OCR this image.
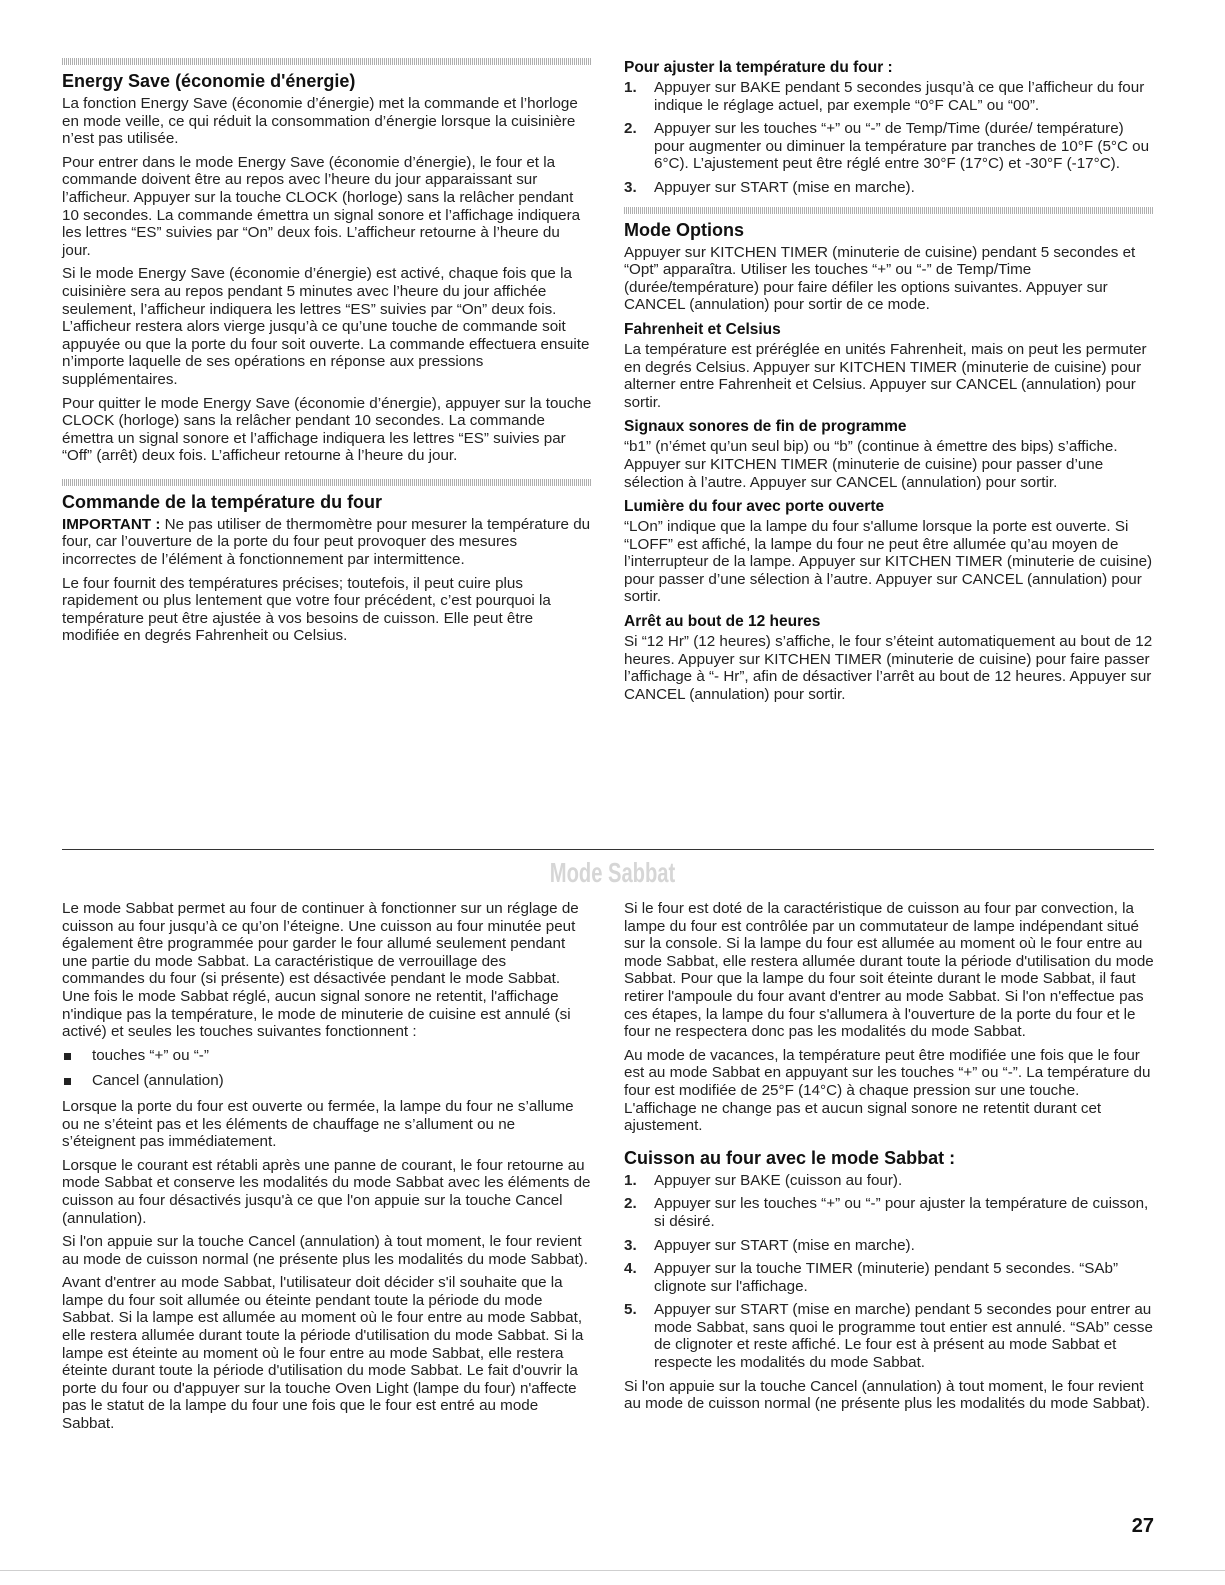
Energy Save (économie d'énergie)

La fonction Energy Save (économie d’énergie) met la commande et l’horloge en mode veille, ce qui réduit la consommation d’énergie lorsque la cuisinière n’est pas utilisée.

Pour entrer dans le mode Energy Save (économie d’énergie), le four et la commande doivent être au repos avec l’heure du jour apparaissant sur l’afficheur. Appuyer sur la touche CLOCK (horloge) sans la relâcher pendant 10 secondes. La commande émettra un signal sonore et l’affichage indiquera les lettres “ES” suivies par “On” deux fois. L’afficheur retourne à l’heure du jour.

Si le mode Energy Save (économie d’énergie) est activé, chaque fois que la cuisinière sera au repos pendant 5 minutes avec l’heure du jour affichée seulement, l’afficheur indiquera les lettres “ES” suivies par “On” deux fois. L’afficheur restera alors vierge jusqu’à ce qu’une touche de commande soit appuyée ou que la porte du four soit ouverte. La commande effectuera ensuite n’importe laquelle de ses opérations en réponse aux pressions supplémentaires.

Pour quitter le mode Energy Save (économie d’énergie), appuyer sur la touche CLOCK (horloge) sans la relâcher pendant 10 secondes. La commande émettra un signal sonore et l’affichage indiquera les lettres “ES” suivies par “Off” (arrêt) deux fois. L’afficheur retourne à l’heure du jour.

Commande de la température du four

IMPORTANT : Ne pas utiliser de thermomètre pour mesurer la température du four, car l’ouverture de la porte du four peut provoquer des mesures incorrectes de l’élément à fonctionnement par intermittence.

Le four fournit des températures précises; toutefois, il peut cuire plus rapidement ou plus lentement que votre four précédent, c’est pourquoi la température peut être ajustée à vos besoins de cuisson. Elle peut être modifiée en degrés Fahrenheit ou Celsius.

Pour ajuster la température du four :
1. Appuyer sur BAKE pendant 5 secondes jusqu’à ce que l’afficheur du four indique le réglage actuel, par exemple “0°F CAL” ou “00”.
2. Appuyer sur les touches “+” ou “-” de Temp/Time (durée/ température) pour augmenter ou diminuer la température par tranches de 10°F (5°C ou 6°C). L’ajustement peut être réglé entre 30°F (17°C) et -30°F (-17°C).
3. Appuyer sur START (mise en marche).
Mode Options

Appuyer sur KITCHEN TIMER (minuterie de cuisine) pendant 5 secondes et “Opt” apparaîtra. Utiliser les touches “+” ou “-” de Temp/Time (durée/température) pour faire défiler les options suivantes. Appuyer sur CANCEL (annulation) pour sortir de ce mode.

Fahrenheit et Celsius

La température est préréglée en unités Fahrenheit, mais on peut les permuter en degrés Celsius. Appuyer sur KITCHEN TIMER (minuterie de cuisine) pour alterner entre Fahrenheit et Celsius. Appuyer sur CANCEL (annulation) pour sortir.

Signaux sonores de fin de programme

“b1” (n’émet qu’un seul bip) ou “b” (continue à émettre des bips) s’affiche. Appuyer sur KITCHEN TIMER (minuterie de cuisine) pour passer d’une sélection à l’autre. Appuyer sur CANCEL (annulation) pour sortir.

Lumière du four avec porte ouverte

“LOn” indique que la lampe du four s'allume lorsque la porte est ouverte. Si “LOFF” est affiché, la lampe du four ne peut être allumée qu’au moyen de l’interrupteur de la lampe. Appuyer sur KITCHEN TIMER (minuterie de cuisine) pour passer d’une sélection à l’autre. Appuyer sur CANCEL (annulation) pour sortir.

Arrêt au bout de 12 heures

Si “12 Hr” (12 heures) s’affiche, le four s’éteint automatiquement au bout de 12 heures. Appuyer sur KITCHEN TIMER (minuterie de cuisine) pour faire passer l’affichage à “- Hr”, afin de désactiver l’arrêt au bout de 12 heures. Appuyer sur CANCEL (annulation) pour sortir.

Mode Sabbat

Le mode Sabbat permet au four de continuer à fonctionner sur un réglage de cuisson au four jusqu’à ce qu’on l’éteigne. Une cuisson au four minutée peut également être programmée pour garder le four allumé seulement pendant une partie du mode Sabbat. La caractéristique de verrouillage des commandes du four (si présente) est désactivée pendant le mode Sabbat. Une fois le mode Sabbat réglé, aucun signal sonore ne retentit, l'affichage n'indique pas la température, le mode de minuterie de cuisine est annulé (si activé) et seules les touches suivantes fonctionnent :

touches “+” ou “-”
Cancel (annulation)

Lorsque la porte du four est ouverte ou fermée, la lampe du four ne s’allume ou ne s’éteint pas et les éléments de chauffage ne s’allument ou ne s’éteignent pas immédiatement.

Lorsque le courant est rétabli après une panne de courant, le four retourne au mode Sabbat et conserve les modalités du mode Sabbat avec les éléments de cuisson au four désactivés jusqu'à ce que l'on appuie sur la touche Cancel (annulation).

Si l'on appuie sur la touche Cancel (annulation) à tout moment, le four revient au mode de cuisson normal (ne présente plus les modalités du mode Sabbat).

Avant d'entrer au mode Sabbat, l'utilisateur doit décider s'il souhaite que la lampe du four soit allumée ou éteinte pendant toute la période du mode Sabbat. Si la lampe est allumée au moment où le four entre au mode Sabbat, elle restera allumée durant toute la période d'utilisation du mode Sabbat. Si la lampe est éteinte au moment où le four entre au mode Sabbat, elle restera éteinte durant toute la période d'utilisation du mode Sabbat. Le fait d'ouvrir la porte du four ou d'appuyer sur la touche Oven Light (lampe du four) n'affecte pas le statut de la lampe du four une fois que le four est entré au mode Sabbat.

Si le four est doté de la caractéristique de cuisson au four par convection, la lampe du four est contrôlée par un commutateur de lampe indépendant situé sur la console. Si la lampe du four est allumée au moment où le four entre au mode Sabbat, elle restera allumée durant toute la période d'utilisation du mode Sabbat. Pour que la lampe du four soit éteinte durant le mode Sabbat, il faut retirer l'ampoule du four avant d'entrer au mode Sabbat. Si l'on n'effectue pas ces étapes, la lampe du four s'allumera à l'ouverture de la porte du four et le four ne respectera donc pas les modalités du mode Sabbat.

Au mode de vacances, la température peut être modifiée une fois que le four est au mode Sabbat en appuyant sur les touches “+” ou “-”. La température du four est modifiée de 25°F (14°C) à chaque pression sur une touche. L'affichage ne change pas et aucun signal sonore ne retentit durant cet ajustement.

Cuisson au four avec le mode Sabbat :
1. Appuyer sur BAKE (cuisson au four).
2. Appuyer sur les touches “+” ou “-” pour ajuster la température de cuisson, si désiré.
3. Appuyer sur START (mise en marche).
4. Appuyer sur la touche TIMER (minuterie) pendant 5 secondes. “SAb” clignote sur l'affichage.
5. Appuyer sur START (mise en marche) pendant 5 secondes pour entrer au mode Sabbat, sans quoi le programme tout entier est annulé. “SAb” cesse de clignoter et reste affiché. Le four est à présent au mode Sabbat et respecte les modalités du mode Sabbat.

Si l'on appuie sur la touche Cancel (annulation) à tout moment, le four revient au mode de cuisson normal (ne présente plus les modalités du mode Sabbat).

27
